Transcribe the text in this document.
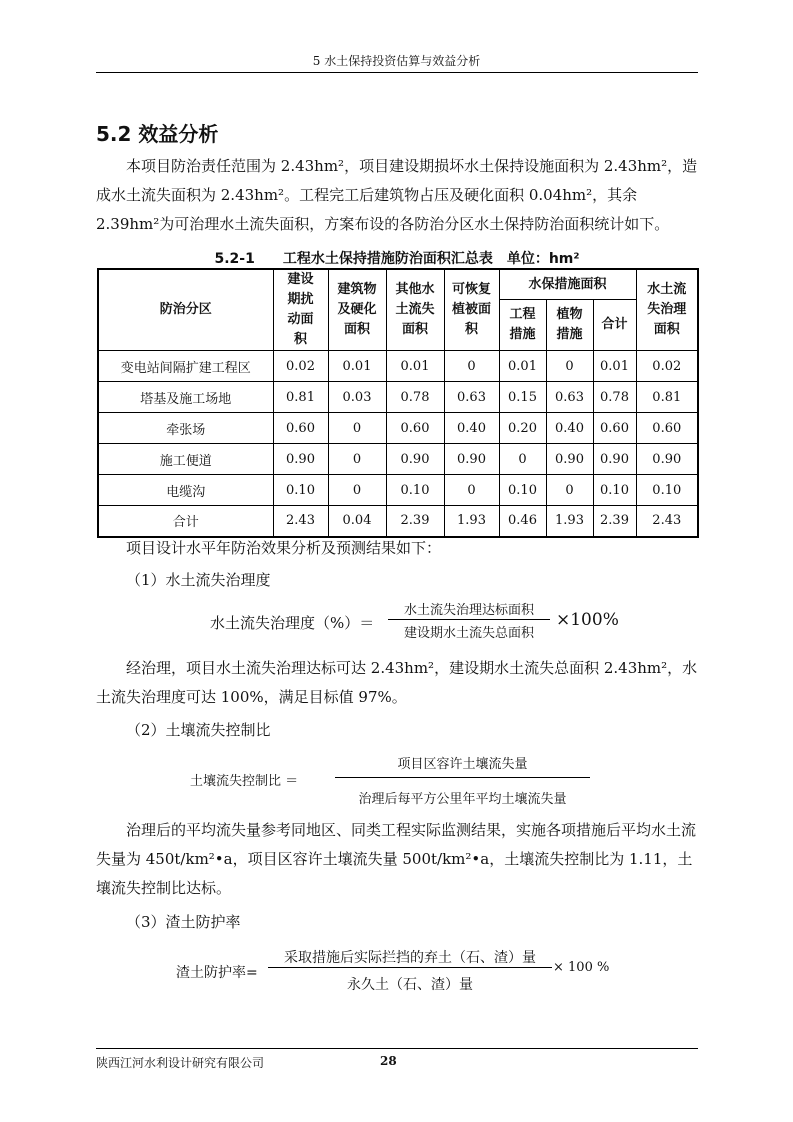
5 水土保持投资估算与效益分析
5.2 效益分析

本项目防治责任范围为 2.43hm²，项目建设期损坏水土保持设施面积为 2.43hm²，造成水土流失面积为 2.43hm²。工程完工后建筑物占压及硬化面积 0.04hm²，其余 2.39hm²为可治理水土流失面积，方案布设的各防治分区水土保持防治面积统计如下。

5.2-1　　工程水土保持措施防治面积汇总表　单位：hm²
防治分区	建设期扰动面积	建筑物及硬化面积	其他水土流失面积	可恢复植被面积	水保措施面积			水土流失治理面积

					工程措施	植物措施	合计	
变电站间隔扩建工程区	0.02	0.01	0.01	0	0.01	0	0.01	0.02
塔基及施工场地	0.81	0.03	0.78	0.63	0.15	0.63	0.78	0.81
牵张场	0.60	0	0.60	0.40	0.20	0.40	0.60	0.60
施工便道	0.90	0	0.90	0.90	0	0.90	0.90	0.90
电缆沟	0.10	0	0.10	0	0.10	0	0.10	0.10
合计	2.43	0.04	2.39	1.93	0.46	1.93	2.39	2.43
项目设计水平年防治效果分析及预测结果如下：
（1）水土流失治理度
水土流失治理度（%）＝
水土流失治理达标面积
建设期水土流失总面积
×100%

经治理，项目水土流失治理达标可达 2.43hm²，建设期水土流失总面积 2.43hm²，水土流失治理度可达 100%，满足目标值 97%。

（2）土壤流失控制比
土壤流失控制比 ＝
项目区容许土壤流失量
治理后每平方公里年平均土壤流失量

治理后的平均流失量参考同地区、同类工程实际监测结果，实施各项措施后平均水土流失量为 450t/km²•a，项目区容许土壤流失量 500t/km²•a，土壤流失控制比为 1.11，土壤流失控制比达标。

（3）渣土防护率
渣土防护率=
采取措施后实际拦挡的弃土（石、渣）量
永久土（石、渣）量
× 100 %
陕西江河水利设计研究有限公司	28
